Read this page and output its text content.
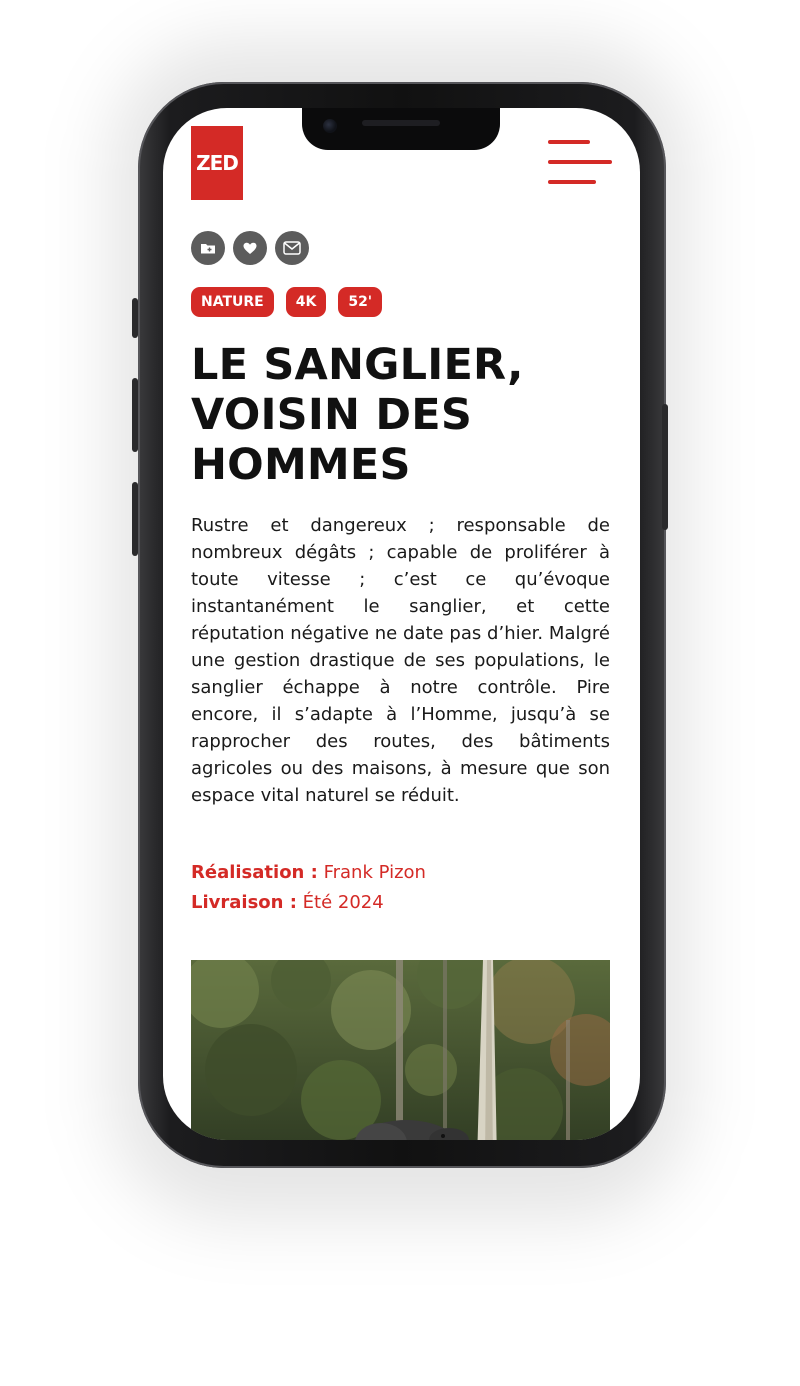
ZED
NATURE	4K	52'
LE SANGLIER, VOISIN DES HOMMES

Rustre et dangereux ; responsable de nombreux dégâts ; capable de proliférer à toute vitesse ; c’est ce qu’évoque instantanément le sanglier, et cette réputation négative ne date pas d’hier. Malgré une gestion drastique de ses populations, le sanglier échappe à notre contrôle. Pire encore, il s’adapte à l’Homme, jusqu’à se rapprocher des routes, des bâtiments agricoles ou des maisons, à mesure que son espace vital naturel se réduit.

Réalisation : Frank Pizon
Livraison : Été 2024
